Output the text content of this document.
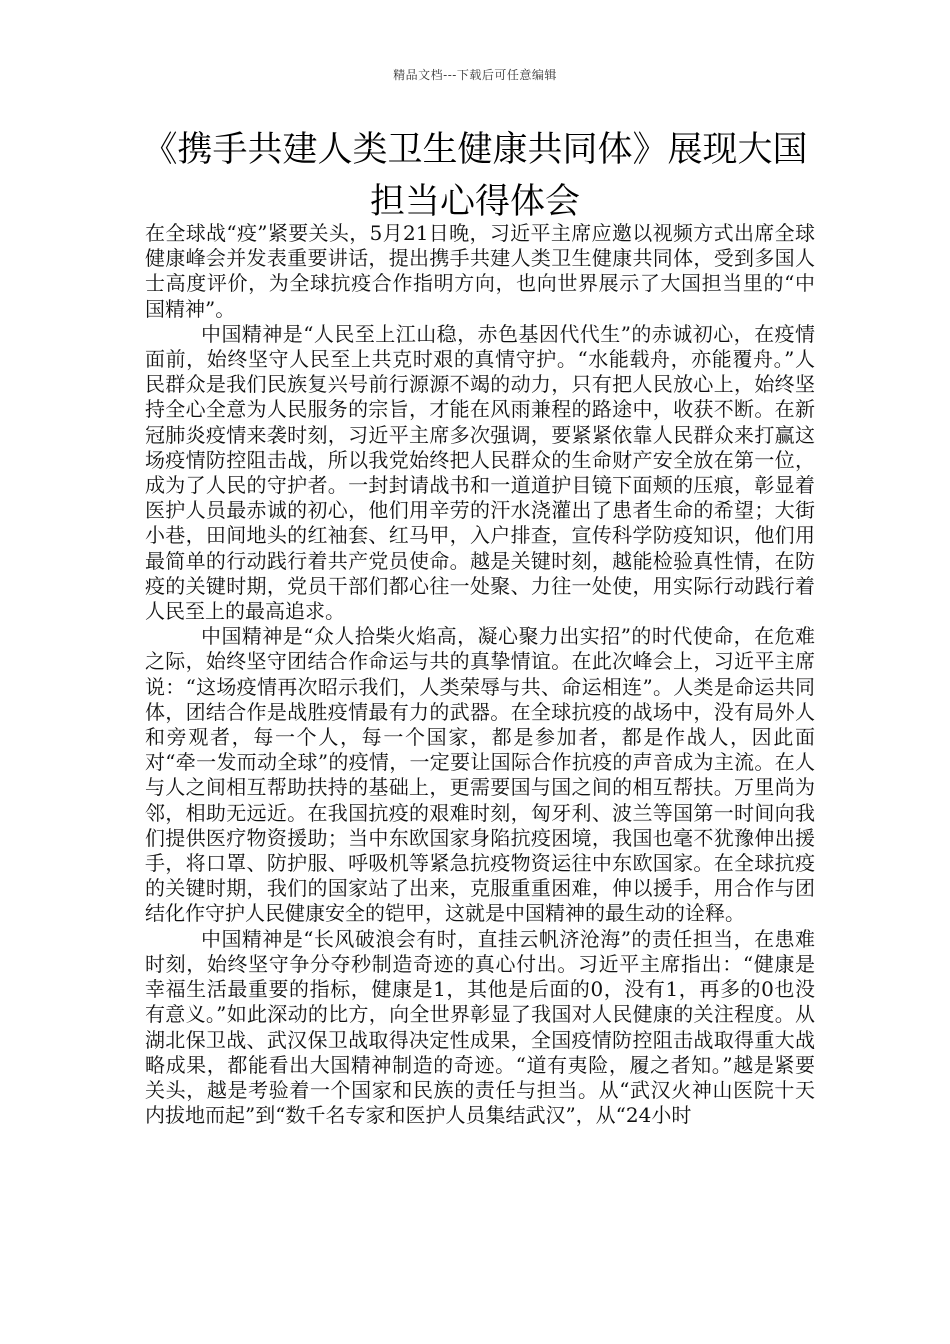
精品文档---下载后可任意编辑
《携手共建人类卫生健康共同体》展现大国担当心得体会

在全球战“疫”紧要关头，5月21日晚，习近平主席应邀以视频方式出席全球健康峰会并发表重要讲话，提出携手共建人类卫生健康共同体，受到多国人士高度评价，为全球抗疫合作指明方向，也向世界展示了大国担当里的“中国精神”。

中国精神是“人民至上江山稳，赤色基因代代生”的赤诚初心，在疫情面前，始终坚守人民至上共克时艰的真情守护。“水能载舟，亦能覆舟。”人民群众是我们民族复兴号前行源源不竭的动力，只有把人民放心上，始终坚持全心全意为人民服务的宗旨，才能在风雨兼程的路途中，收获不断。在新冠肺炎疫情来袭时刻，习近平主席多次强调，要紧紧依靠人民群众来打赢这场疫情防控阻击战，所以我党始终把人民群众的生命财产安全放在第一位，成为了人民的守护者。一封封请战书和一道道护目镜下面颊的压痕，彰显着医护人员最赤诚的初心，他们用辛劳的汗水浇灌出了患者生命的希望；大街小巷，田间地头的红袖套、红马甲，入户排查，宣传科学防疫知识，他们用最简单的行动践行着共产党员使命。越是关键时刻，越能检验真性情，在防疫的关键时期，党员干部们都心往一处聚、力往一处使，用实际行动践行着人民至上的最高追求。

中国精神是“众人拾柴火焰高，凝心聚力出实招”的时代使命，在危难之际，始终坚守团结合作命运与共的真挚情谊。在此次峰会上，习近平主席说：“这场疫情再次昭示我们，人类荣辱与共、命运相连”。人类是命运共同体，团结合作是战胜疫情最有力的武器。在全球抗疫的战场中，没有局外人和旁观者，每一个人，每一个国家，都是参加者，都是作战人，因此面对“牵一发而动全球”的疫情，一定要让国际合作抗疫的声音成为主流。在人与人之间相互帮助扶持的基础上，更需要国与国之间的相互帮扶。万里尚为邻，相助无远近。在我国抗疫的艰难时刻，匈牙利、波兰等国第一时间向我们提供医疗物资援助；当中东欧国家身陷抗疫困境，我国也毫不犹豫伸出援手，将口罩、防护服、呼吸机等紧急抗疫物资运往中东欧国家。在全球抗疫的关键时期，我们的国家站了出来，克服重重困难，伸以援手，用合作与团结化作守护人民健康安全的铠甲，这就是中国精神的最生动的诠释。

中国精神是“长风破浪会有时，直挂云帆济沧海”的责任担当，在患难时刻，始终坚守争分夺秒制造奇迹的真心付出。习近平主席指出：“健康是幸福生活最重要的指标，健康是1，其他是后面的0，没有1，再多的0也没有意义。”如此深动的比方，向全世界彰显了我国对人民健康的关注程度。从湖北保卫战、武汉保卫战取得决定性成果，全国疫情防控阻击战取得重大战略成果，都能看出大国精神制造的奇迹。“道有夷险，履之者知。”越是紧要关头，越是考验着一个国家和民族的责任与担当。从“武汉火神山医院十天内拔地而起”到“数千名专家和医护人员集结武汉”，从“24小时
